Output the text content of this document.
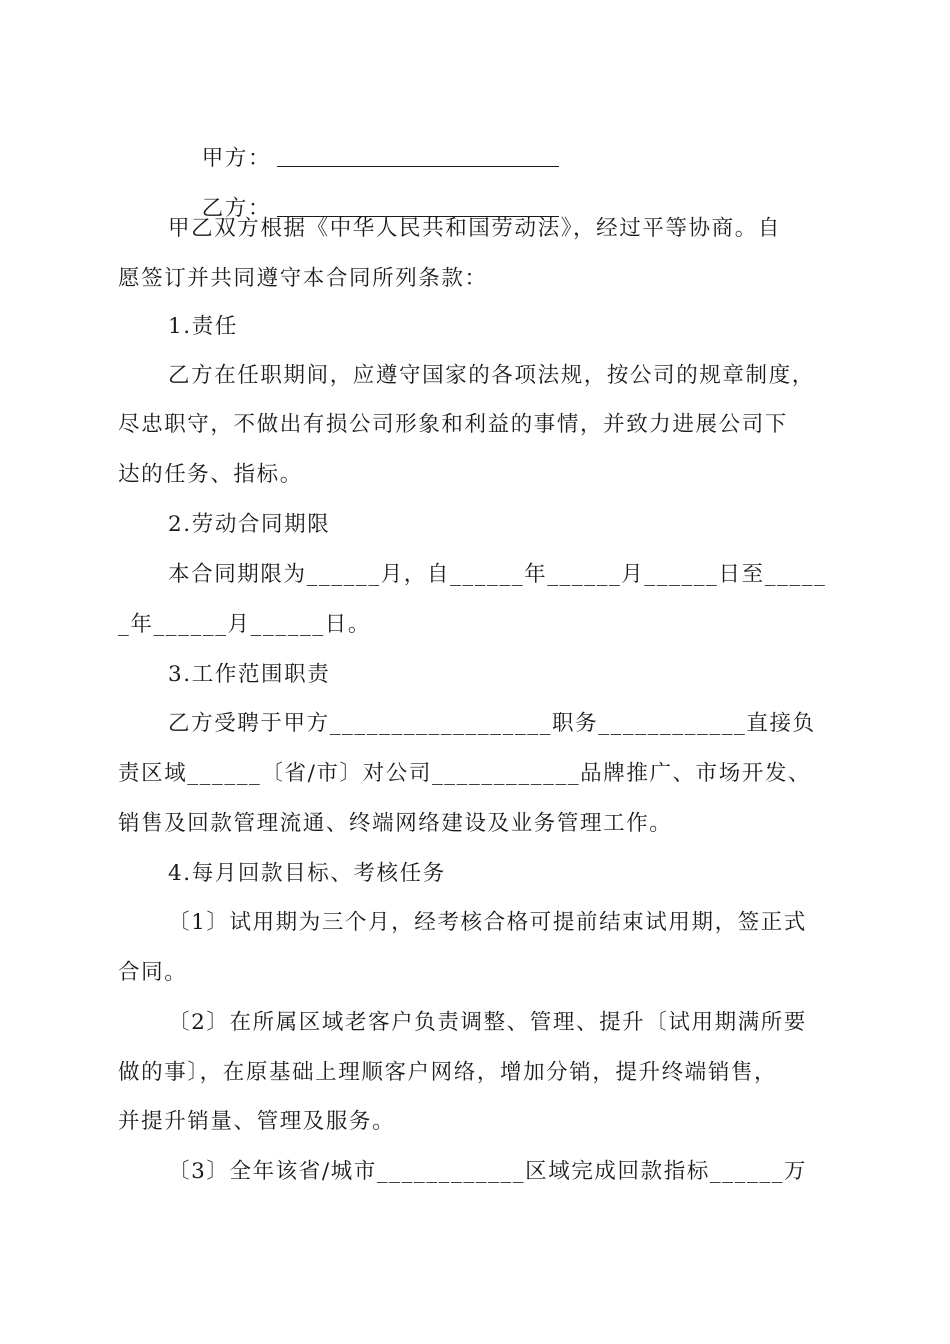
甲方：

乙方：

甲乙双方根据《中华人民共和国劳动法》，经过平等协商。自
愿签订并共同遵守本合同所列条款：
1.责任
乙方在任职期间，应遵守国家的各项法规，按公司的规章制度，
尽忠职守，不做出有损公司形象和利益的事情，并致力进展公司下
达的任务、指标。
2.劳动合同期限
本合同期限为______月，自______年______月______日至_____
_年______月______日。
3.工作范围职责
乙方受聘于甲方__________________职务____________直接负
责区域______〔省/市〕对公司____________品牌推广、市场开发、
销售及回款管理流通、终端网络建设及业务管理工作。
4.每月回款目标、考核任务
〔1〕试用期为三个月，经考核合格可提前结束试用期，签正式
合同。
〔2〕在所属区域老客户负责调整、管理、提升〔试用期满所要
做的事〕，在原基础上理顺客户网络，增加分销，提升终端销售，
并提升销量、管理及服务。
〔3〕全年该省/城市____________区域完成回款指标______万
